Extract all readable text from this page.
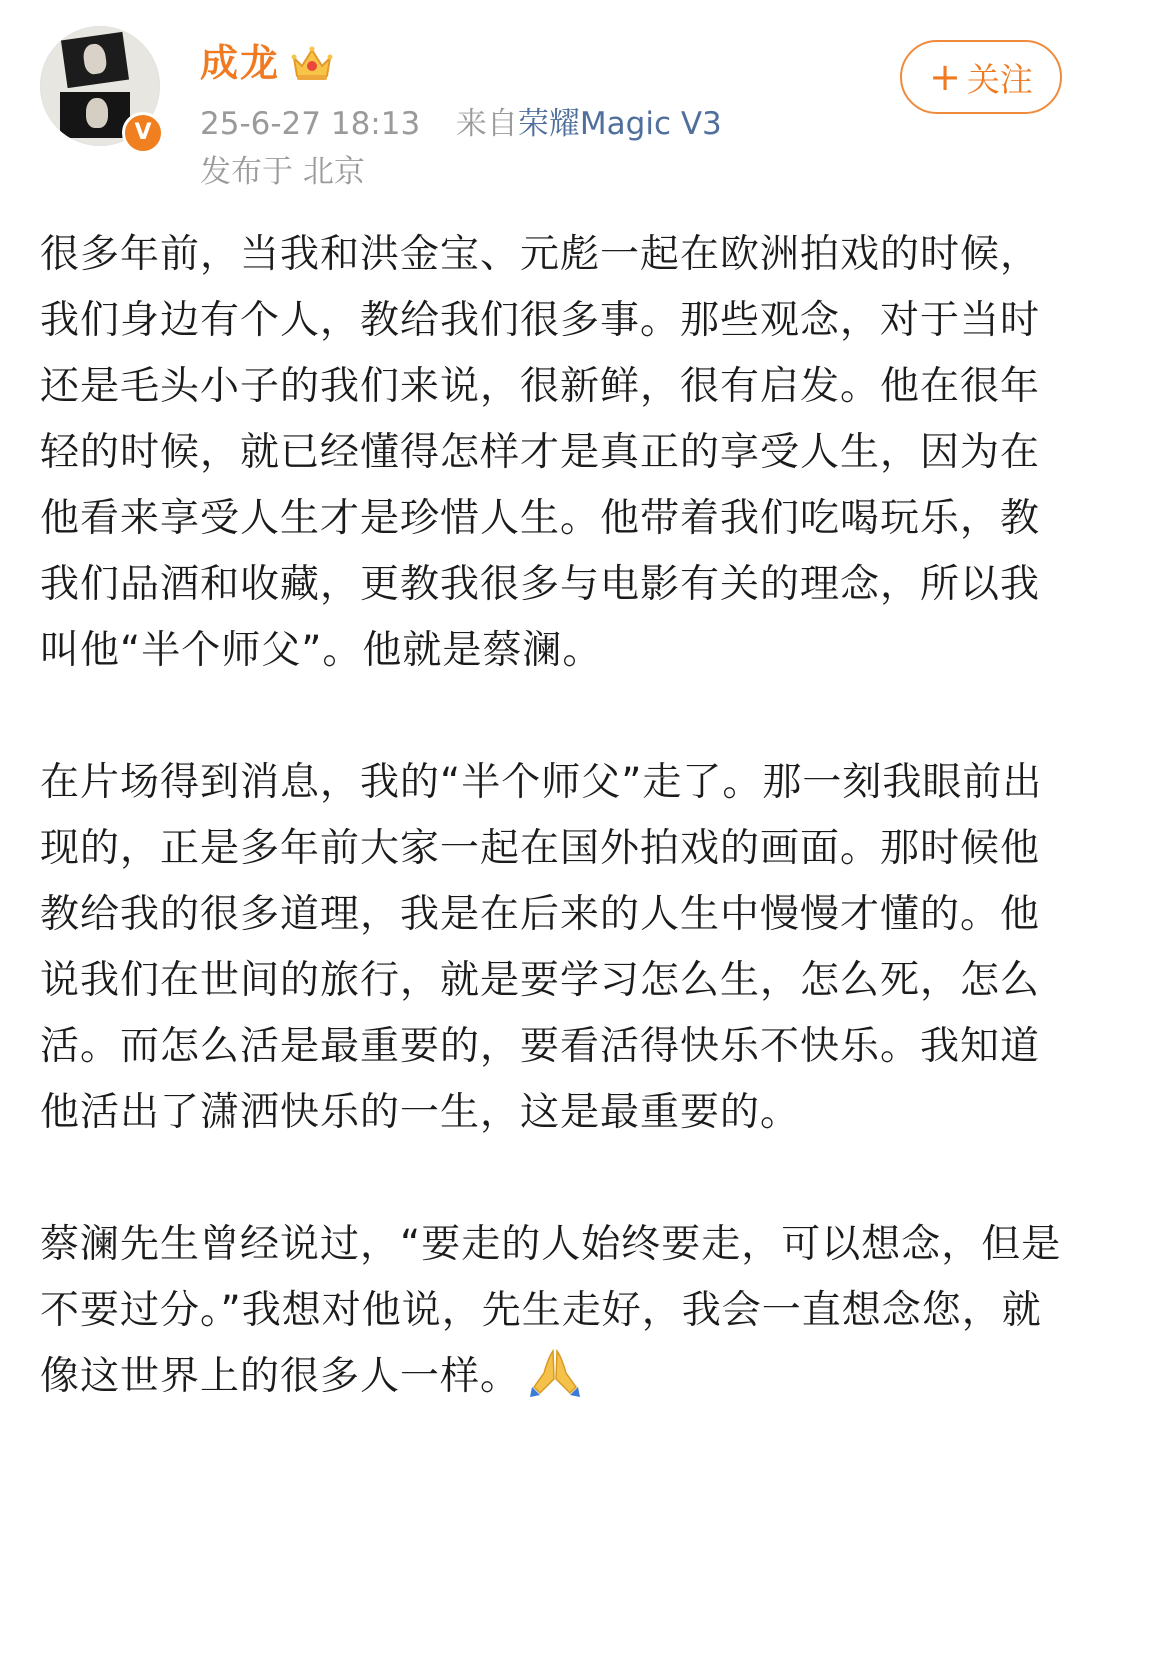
V
成龙
25-6-27 18:13 来自荣耀Magic V3
发布于 北京
+ 关注

很多年前，当我和洪金宝、元彪一起在欧洲拍戏的时候，我们身边有个人，教给我们很多事。那些观念，对于当时还是毛头小子的我们来说，很新鲜，很有启发。他在很年轻的时候，就已经懂得怎样才是真正的享受人生，因为在他看来享受人生才是珍惜人生。他带着我们吃喝玩乐，教我们品酒和收藏，更教我很多与电影有关的理念，所以我叫他“半个师父”。他就是蔡澜。

在片场得到消息，我的“半个师父”走了。那一刻我眼前出现的，正是多年前大家一起在国外拍戏的画面。那时候他教给我的很多道理，我是在后来的人生中慢慢才懂的。他说我们在世间的旅行，就是要学习怎么生，怎么死，怎么活。而怎么活是最重要的，要看活得快乐不快乐。我知道他活出了潇洒快乐的一生，这是最重要的。

蔡澜先生曾经说过，“要走的人始终要走，可以想念，但是不要过分。”我想对他说，先生走好，我会一直想念您，就像这世界上的很多人一样。
